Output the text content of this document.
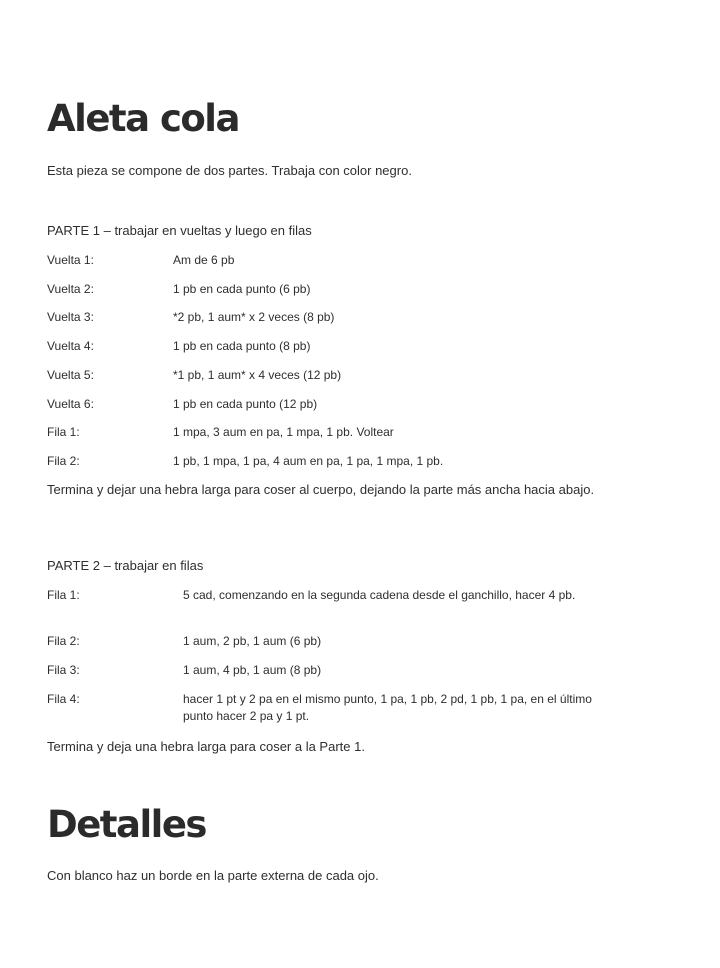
Aleta cola

Esta pieza se compone de dos partes. Trabaja con color negro.

PARTE 1 – trabajar en vueltas y luego en filas

Vuelta 1:	Am de 6 pb
Vuelta 2:	1 pb en cada punto (6 pb)
Vuelta 3:	*2 pb, 1 aum* x 2 veces (8 pb)
Vuelta 4:	1 pb en cada punto (8 pb)
Vuelta 5:	*1 pb, 1 aum* x 4 veces (12 pb)
Vuelta 6:	1 pb en cada punto (12 pb)
Fila 1:	1 mpa, 3 aum en pa, 1 mpa, 1 pb. Voltear
Fila 2:	1 pb, 1 mpa, 1 pa, 4 aum en pa, 1 pa, 1 mpa, 1 pb.

Termina y dejar una hebra larga para coser al cuerpo, dejando la parte más ancha hacia abajo.

PARTE 2 – trabajar en filas

Fila 1:	5 cad, comenzando en la segunda cadena desde el ganchillo, hacer 4 pb.
Fila 2:	1 aum, 2 pb, 1 aum (6 pb)
Fila 3:	1 aum, 4 pb, 1 aum (8 pb)
Fila 4:	hacer 1 pt y 2 pa en el mismo punto, 1 pa, 1 pb, 2 pd, 1 pb, 1 pa, en el último punto hacer 2 pa y 1 pt.

Termina y deja una hebra larga para coser a la Parte 1.

Detalles

Con blanco haz un borde en la parte externa de cada ojo.
